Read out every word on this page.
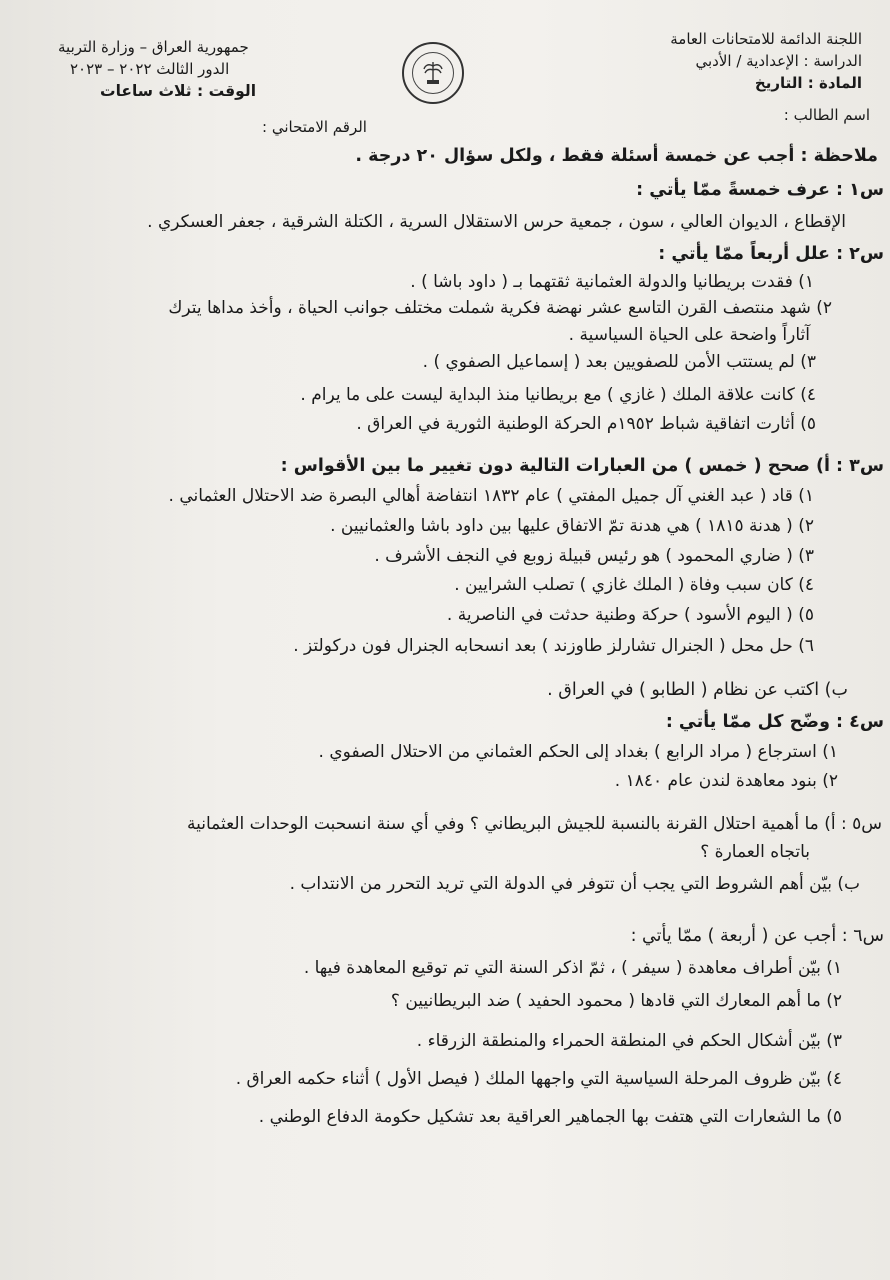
اللجنة الدائمة للامتحانات العامة
الدراسة : الإعدادية / الأدبي
المادة : التاريخ
جمهورية العراق – وزارة التربية
الدور الثالث ٢٠٢٢ – ٢٠٢٣
الوقت : ثلاث ساعات
اسم الطالب :
الرقم الامتحاني :
ملاحظة : أجب عن خمسة أسئلة فقط ، ولكل سؤال ٢٠ درجة .
س١ : عرف خمسةً ممّا يأتي :
الإقطاع ، الديوان العالي ، سون ، جمعية حرس الاستقلال السرية ، الكتلة الشرقية ، جعفر العسكري .
س٢ : علل أربعاً ممّا يأتي :
١) فقدت بريطانيا والدولة العثمانية ثقتهما بـ ( داود باشا ) .
٢) شهد منتصف القرن التاسع عشر نهضة فكرية شملت مختلف جوانب الحياة ، وأخذ مداها يترك
آثاراً واضحة على الحياة السياسية .
٣) لم يستتب الأمن للصفويين بعد ( إسماعيل الصفوي ) .
٤) كانت علاقة الملك ( غازي ) مع بريطانيا منذ البداية ليست على ما يرام .
٥) أثارت اتفاقية شباط ١٩٥٢م الحركة الوطنية الثورية في العراق .
س٣ : أ) صحح ( خمس ) من العبارات التالية دون تغيير ما بين الأقواس :
١) قاد ( عبد الغني آل جميل المفتي ) عام ١٨٣٢ انتفاضة أهالي البصرة ضد الاحتلال العثماني .
٢) ( هدنة ١٨١٥ ) هي هدنة تمّ الاتفاق عليها بين داود باشا والعثمانيين .
٣) ( ضاري المحمود ) هو رئيس قبيلة زوبع في النجف الأشرف .
٤) كان سبب وفاة ( الملك غازي ) تصلب الشرايين .
٥) ( اليوم الأسود ) حركة وطنية حدثت في الناصرية .
٦) حل محل ( الجنرال تشارلز طاوزند ) بعد انسحابه الجنرال فون دركولتز .
ب) اكتب عن نظام ( الطابو ) في العراق .
س٤ : وضّح كل ممّا يأتي :
١) استرجاع ( مراد الرابع ) بغداد إلى الحكم العثماني من الاحتلال الصفوي .
٢) بنود معاهدة لندن عام ١٨٤٠ .
س٥ : أ) ما أهمية احتلال القرنة بالنسبة للجيش البريطاني ؟ وفي أي سنة انسحبت الوحدات العثمانية
باتجاه العمارة ؟
ب) بيّن أهم الشروط التي يجب أن تتوفر في الدولة التي تريد التحرر من الانتداب .
س٦ : أجب عن ( أربعة ) ممّا يأتي :
١) بيّن أطراف معاهدة ( سيفر ) ، ثمّ اذكر السنة التي تم توقيع المعاهدة فيها .
٢) ما أهم المعارك التي قادها ( محمود الحفيد ) ضد البريطانيين ؟
٣) بيّن أشكال الحكم في المنطقة الحمراء والمنطقة الزرقاء .
٤) بيّن ظروف المرحلة السياسية التي واجهها الملك ( فيصل الأول ) أثناء حكمه العراق .
٥) ما الشعارات التي هتفت بها الجماهير العراقية بعد تشكيل حكومة الدفاع الوطني .
